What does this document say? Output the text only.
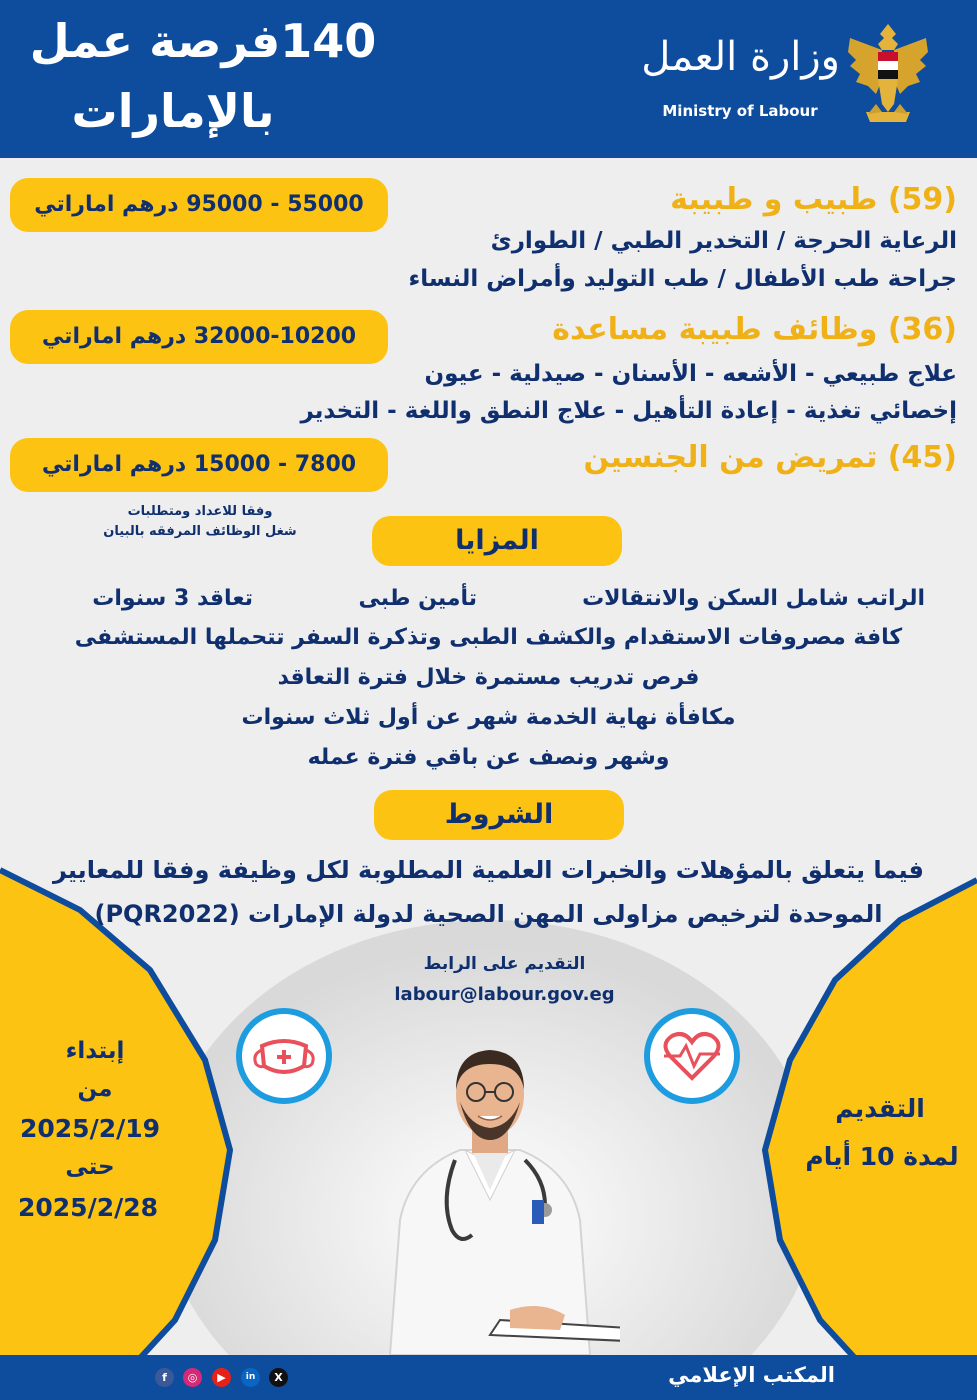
140فرصة عمل
بالإمارات
وزارة العمل
Ministry of Labour
55000 - 95000 درهم اماراتي	(59) طبيب و طبيبة
الرعاية الحرجة / التخدير الطبي / الطوارئ
جراحة طب الأطفال / طب التوليد وأمراض النساء
32000-10200 درهم اماراتي	(36) وظائف طبيبة مساعدة
علاج طبيعي - الأشعه - الأسنان - صيدلية - عيون
إخصائي تغذية - إعادة التأهيل - علاج النطق واللغة - التخدير
7800 - 15000 درهم اماراتي	(45) تمريض من الجنسين
وفقا للاعداد ومتطلبات
شغل الوظائف المرفقه بالبيان	المزايا
الراتب شامل السكن والانتقالات
تأمين طبى
تعاقد 3 سنوات
كافة مصروفات الاستقدام والكشف الطبى وتذكرة السفر تتحملها المستشفى
فرص تدريب مستمرة خلال فترة التعاقد
مكافأة نهاية الخدمة شهر عن أول ثلاث سنوات
وشهر ونصف عن باقي فترة عمله
الشروط
فيما يتعلق بالمؤهلات والخبرات العلمية المطلوبة لكل وظيفة وفقا للمعايير
الموحدة لترخيص مزاولى المهن الصحية لدولة الإمارات (PQR2022)
التقديم على الرابط
labour@labour.gov.eg
إبتداء
من
2025/2/19
حتى
2025/2/28
التقديم
لمدة 10 أيام
المكتب الإعلامي
f	◎	▶	in	X
